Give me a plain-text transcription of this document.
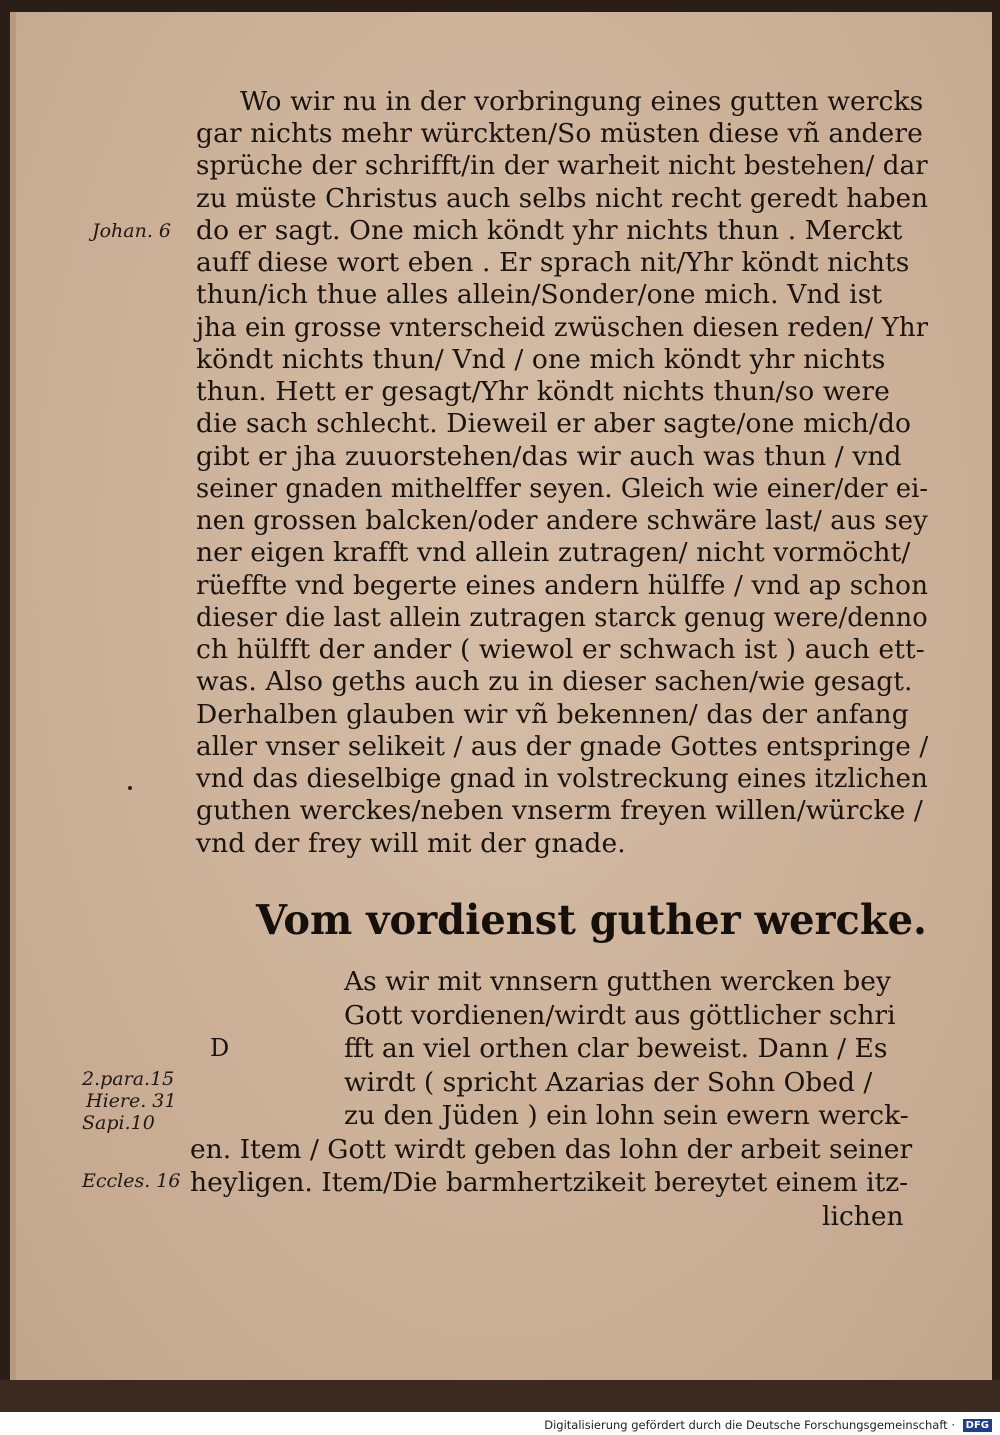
Wo wir nu in der vorbringung eines gutten wercks
gar nichts mehr würckten/So müsten diese vñ andere
sprüche der schrifft/in der warheit nicht bestehen/ dar
zu müste Christus auch selbs nicht recht geredt haben
do er sagt. One mich köndt yhr nichts thun . Merckt
auff diese wort eben . Er sprach nit/Yhr köndt nichts
thun/ich thue alles allein/Sonder/one mich. Vnd ist
jha ein grosse vnterscheid zwüschen diesen reden/ Yhr
köndt nichts thun/ Vnd / one mich köndt yhr nichts
thun. Hett er gesagt/Yhr köndt nichts thun/so were
die sach schlecht. Dieweil er aber sagte/one mich/do
gibt er jha zuuorstehen/das wir auch was thun / vnd
seiner gnaden mithelffer seyen. Gleich wie einer/der ei-
nen grossen balcken/oder andere schwäre last/ aus sey
ner eigen krafft vnd allein zutragen/ nicht vormöcht/
rüeffte vnd begerte eines andern hülffe / vnd ap schon
dieser die last allein zutragen starck genug were/denno
ch hülfft der ander ( wiewol er schwach ist ) auch ett-
was. Also geths auch zu in dieser sachen/wie gesagt.
Derhalben glauben wir vñ bekennen/ das der anfang
aller vnser selikeit / aus der gnade Gottes entspringe /
vnd das dieselbige gnad in volstreckung eines itzlichen
guthen werckes/neben vnserm freyen willen/würcke /
vnd der frey will mit der gnade.
Johan. 6
Vom vordienst guther wercke.
D
As wir mit vnnsern gutthen wercken bey
Gott vordienen/wirdt aus göttlicher schri
fft an viel orthen clar beweist. Dann / Es
wirdt ( spricht Azarias der Sohn Obed /
zu den Jüden ) ein lohn sein ewern werck-
en. Item / Gott wirdt geben das lohn der arbeit seiner
heyligen. Item/Die barmhertzikeit bereytet einem itz-
lichen
2.para.15
Hiere. 31
Sapi.10
Eccles. 16
Digitalisierung gefördert durch die Deutsche Forschungsgemeinschaft · DFG
